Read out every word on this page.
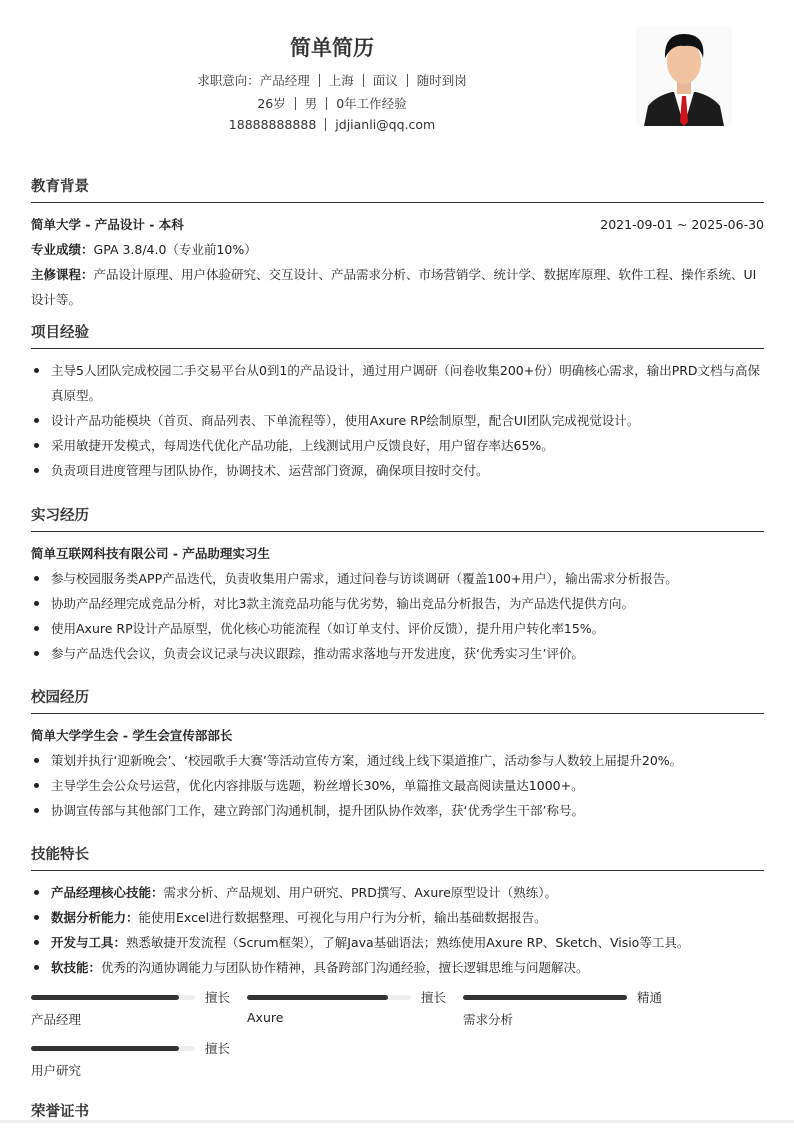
简单简历
求职意向：产品经理 上海 面议 随时到岗
26岁 男 0年工作经验
18888888888 jdjianli@qq.com
教育背景
简单大学 - 产品设计 - 本科	2021-09-01 ~ 2025-06-30
专业成绩：GPA 3.8/4.0（专业前10%）
主修课程：产品设计原理、用户体验研究、交互设计、产品需求分析、市场营销学、统计学、数据库原理、软件工程、操作系统、UI设计等。
项目经验
主导5人团队完成校园二手交易平台从0到1的产品设计，通过用户调研（问卷收集200+份）明确核心需求，输出PRD文档与高保真原型。
设计产品功能模块（首页、商品列表、下单流程等），使用Axure RP绘制原型，配合UI团队完成视觉设计。
采用敏捷开发模式，每周迭代优化产品功能，上线测试用户反馈良好，用户留存率达65%。
负责项目进度管理与团队协作，协调技术、运营部门资源，确保项目按时交付。
实习经历
简单互联网科技有限公司 - 产品助理实习生
参与校园服务类APP产品迭代，负责收集用户需求，通过问卷与访谈调研（覆盖100+用户），输出需求分析报告。
协助产品经理完成竞品分析，对比3款主流竞品功能与优劣势，输出竞品分析报告，为产品迭代提供方向。
使用Axure RP设计产品原型，优化核心功能流程（如订单支付、评价反馈），提升用户转化率15%。
参与产品迭代会议，负责会议记录与决议跟踪，推动需求落地与开发进度，获‘优秀实习生’评价。
校园经历
简单大学学生会 - 学生会宣传部部长
策划并执行‘迎新晚会’、‘校园歌手大赛’等活动宣传方案，通过线上线下渠道推广，活动参与人数较上届提升20%。
主导学生会公众号运营，优化内容排版与选题，粉丝增长30%，单篇推文最高阅读量达1000+。
协调宣传部与其他部门工作，建立跨部门沟通机制，提升团队协作效率，获‘优秀学生干部’称号。
技能特长
产品经理核心技能：需求分析、产品规划、用户研究、PRD撰写、Axure原型设计（熟练）。
数据分析能力：能使用Excel进行数据整理、可视化与用户行为分析，输出基础数据报告。
开发与工具：熟悉敏捷开发流程（Scrum框架），了解Java基础语法；熟练使用Axure RP、Sketch、Visio等工具。
软技能：优秀的沟通协调能力与团队协作精神，具备跨部门沟通经验，擅长逻辑思维与问题解决。
擅长
产品经理
擅长
Axure
精通
需求分析
擅长
用户研究
荣誉证书
